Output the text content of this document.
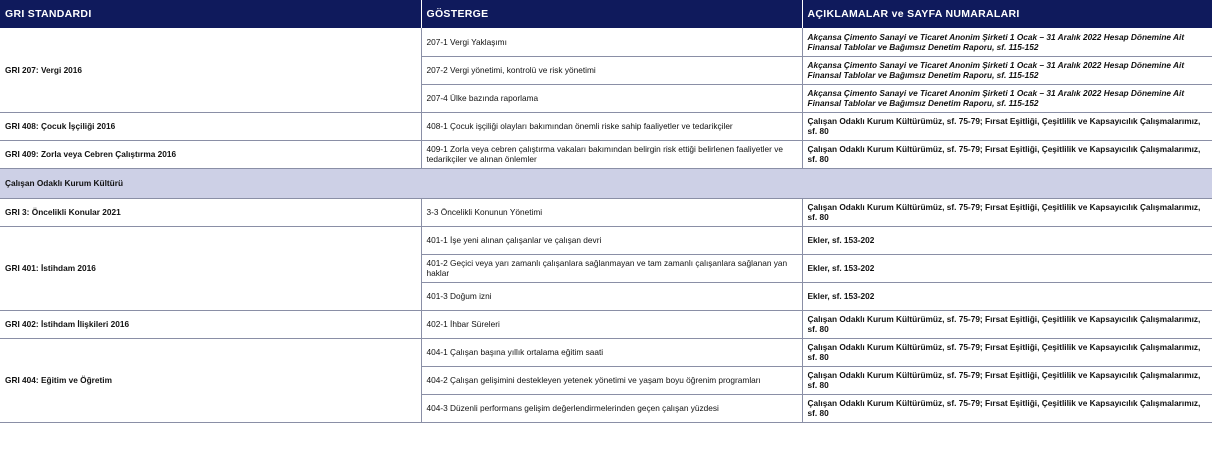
GRI STANDARDI	GÖSTERGE	AÇIKLAMALAR ve SAYFA NUMARALARI
GRI 207: Vergi 2016	207-1 Vergi Yaklaşımı	Akçansa Çimento Sanayi ve Ticaret Anonim Şirketi 1 Ocak – 31 Aralık 2022 Hesap Dönemine Ait Finansal Tablolar ve Bağımsız Denetim Raporu, sf. 115-152
	207-2 Vergi yönetimi, kontrolü ve risk yönetimi	Akçansa Çimento Sanayi ve Ticaret Anonim Şirketi 1 Ocak – 31 Aralık 2022 Hesap Dönemine Ait Finansal Tablolar ve Bağımsız Denetim Raporu, sf. 115-152
	207-4 Ülke bazında raporlama	Akçansa Çimento Sanayi ve Ticaret Anonim Şirketi 1 Ocak – 31 Aralık 2022 Hesap Dönemine Ait Finansal Tablolar ve Bağımsız Denetim Raporu, sf. 115-152
GRI 408: Çocuk İşçiliği 2016	408-1 Çocuk işçiliği olayları bakımından önemli riske sahip faaliyetler ve tedarikçiler	Çalışan Odaklı Kurum Kültürümüz, sf. 75-79; Fırsat Eşitliği, Çeşitlilik ve Kapsayıcılık Çalışmalarımız, sf. 80
GRI 409: Zorla veya Cebren Çalıştırma 2016	409-1 Zorla veya cebren çalıştırma vakaları bakımından belirgin risk ettiği belirlenen faaliyetler ve tedarikçiler ve alınan önlemler	Çalışan Odaklı Kurum Kültürümüz, sf. 75-79; Fırsat Eşitliği, Çeşitlilik ve Kapsayıcılık Çalışmalarımız, sf. 80
Çalışan Odaklı Kurum Kültürü		
GRI 3: Öncelikli Konular 2021	3-3 Öncelikli Konunun Yönetimi	Çalışan Odaklı Kurum Kültürümüz, sf. 75-79; Fırsat Eşitliği, Çeşitlilik ve Kapsayıcılık Çalışmalarımız, sf. 80
GRI 401: İstihdam 2016	401-1 İşe yeni alınan çalışanlar ve çalışan devri	Ekler, sf. 153-202
	401-2 Geçici veya yarı zamanlı çalışanlara sağlanmayan ve tam zamanlı çalışanlara sağlanan yan haklar	Ekler, sf. 153-202
	401-3 Doğum izni	Ekler, sf. 153-202
GRI 402: İstihdam İlişkileri 2016	402-1 İhbar Süreleri	Çalışan Odaklı Kurum Kültürümüz, sf. 75-79; Fırsat Eşitliği, Çeşitlilik ve Kapsayıcılık Çalışmalarımız, sf. 80
GRI 404: Eğitim ve Öğretim	404-1 Çalışan başına yıllık ortalama eğitim saati	Çalışan Odaklı Kurum Kültürümüz, sf. 75-79; Fırsat Eşitliği, Çeşitlilik ve Kapsayıcılık Çalışmalarımız, sf. 80
	404-2 Çalışan gelişimini destekleyen yetenek yönetimi ve yaşam boyu öğrenim programları	Çalışan Odaklı Kurum Kültürümüz, sf. 75-79; Fırsat Eşitliği, Çeşitlilik ve Kapsayıcılık Çalışmalarımız, sf. 80
	404-3 Düzenli performans gelişim değerlendirmelerinden geçen çalışan yüzdesi	Çalışan Odaklı Kurum Kültürümüz, sf. 75-79; Fırsat Eşitliği, Çeşitlilik ve Kapsayıcılık Çalışmalarımız, sf. 80
